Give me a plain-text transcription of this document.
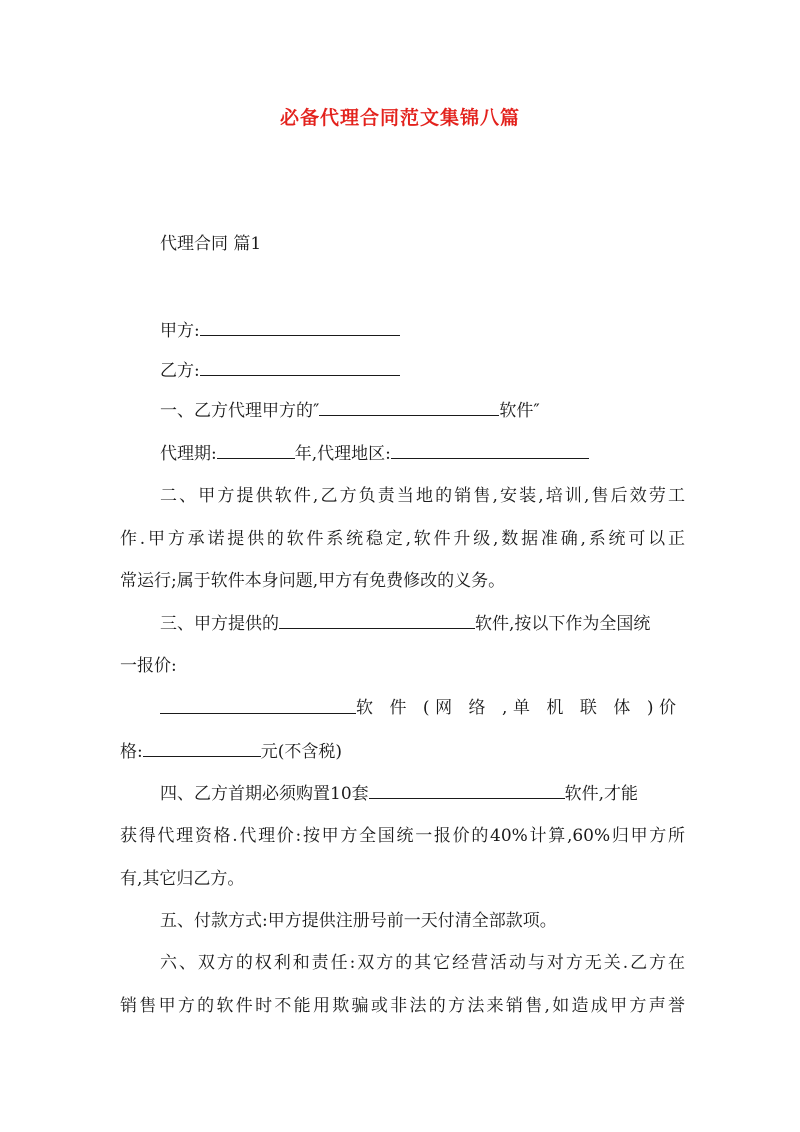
必备代理合同范文集锦八篇
代理合同 篇1
甲方:
乙方:
一、乙方代理甲方的″	软件″
代理期:	年,代理地区:
二、甲方提供软件,乙方负责当地的销售,安装,培训,售后效劳工
作.甲方承诺提供的软件系统稳定,软件升级,数据准确,系统可以正
常运行;属于软件本身问题,甲方有免费修改的义务。
三、甲方提供的	软件,按以下作为全国统
一报价:
软 件 (网 络 ,单 机 联 体 )价
格:	元(不含税)
四、乙方首期必须购置10套	软件,才能
获得代理资格.代理价:按甲方全国统一报价的40%计算,60%归甲方所
有,其它归乙方。
五、付款方式:甲方提供注册号前一天付清全部款项。
六、双方的权利和责任:双方的其它经营活动与对方无关.乙方在
销售甲方的软件时不能用欺骗或非法的方法来销售,如造成甲方声誉
